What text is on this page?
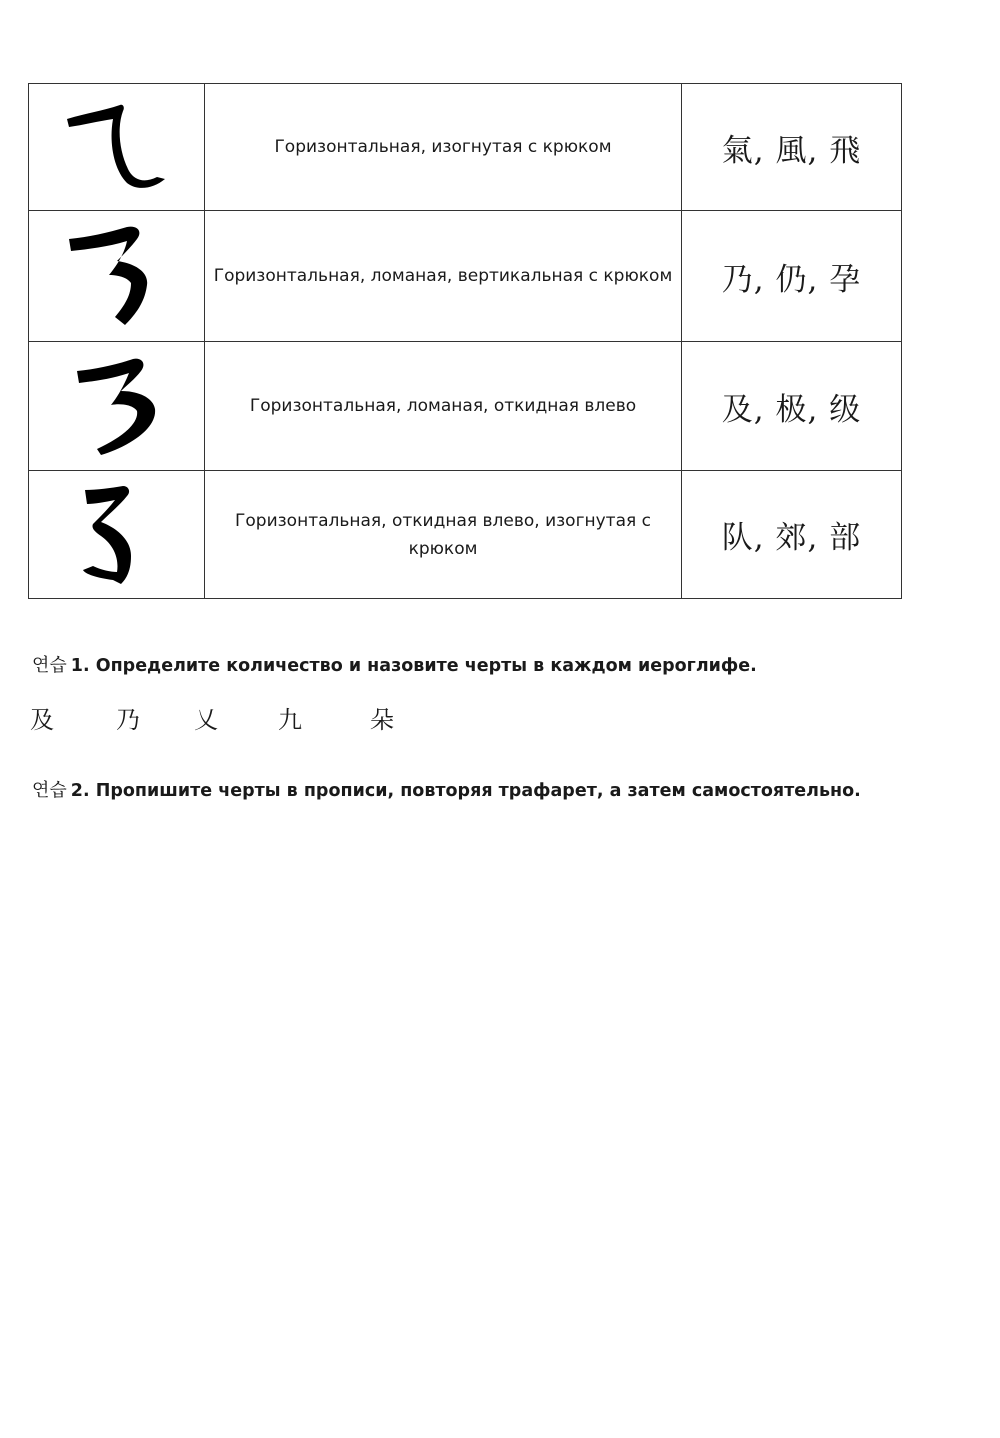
	Горизонтальная, изогнутая с крюком	氣, 風, 飛

	Горизонтальная, ломаная, вертикальная с крюком	乃, 仍, 孕

	Горизонтальная, ломаная, откидная влево	及, 极, 级

	Горизонтальная, откидная влево, изогнутая с крюком	队, 郊, 部
연습 1. Определите количество и назовите черты в каждом иероглифе.
及	乃 乂	九	朵
연습 2. Пропишите черты в прописи, повторяя трафарет, а затем самостоятельно.
